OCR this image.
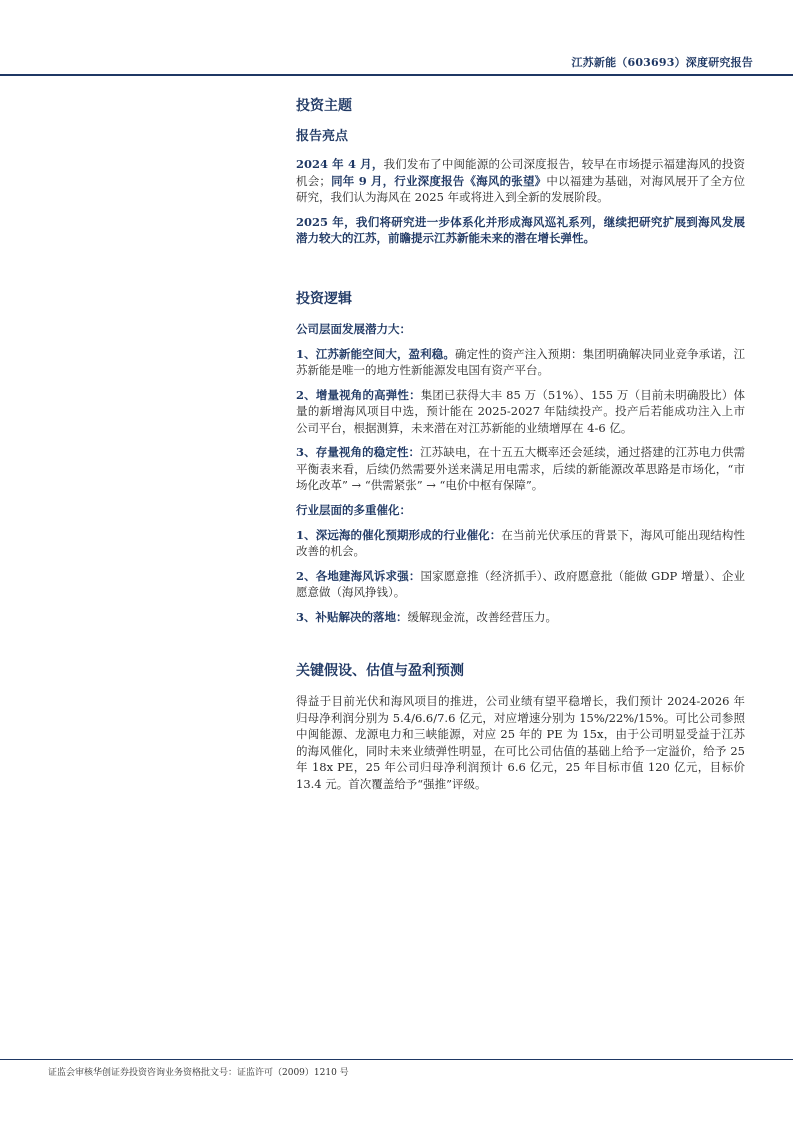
江苏新能（603693）深度研究报告
投资主题
报告亮点

2024 年 4 月，我们发布了中闽能源的公司深度报告，较早在市场提示福建海风的投资机会；同年 9 月，行业深度报告《海风的张望》中以福建为基础，对海风展开了全方位研究，我们认为海风在 2025 年或将进入到全新的发展阶段。

2025 年，我们将研究进一步体系化并形成海风巡礼系列，继续把研究扩展到海风发展潜力较大的江苏，前瞻提示江苏新能未来的潜在增长弹性。

投资逻辑
公司层面发展潜力大：

1、江苏新能空间大，盈利稳。确定性的资产注入预期：集团明确解决同业竞争承诺，江苏新能是唯一的地方性新能源发电国有资产平台。

2、增量视角的高弹性：集团已获得大丰 85 万（51%）、155 万（目前未明确股比）体量的新增海风项目中选，预计能在 2025-2027 年陆续投产。投产后若能成功注入上市公司平台，根据测算，未来潜在对江苏新能的业绩增厚在 4-6 亿。

3、存量视角的稳定性：江苏缺电，在十五五大概率还会延续，通过搭建的江苏电力供需平衡表来看，后续仍然需要外送来满足用电需求，后续的新能源改革思路是市场化，“市场化改革” → “供需紧张” → “电价中枢有保障”。

行业层面的多重催化：

1、深远海的催化预期形成的行业催化：在当前光伏承压的背景下，海风可能出现结构性改善的机会。

2、各地建海风诉求强：国家愿意推（经济抓手）、政府愿意批（能做 GDP 增量）、企业愿意做（海风挣钱）。

3、补贴解决的落地：缓解现金流，改善经营压力。

关键假设、估值与盈利预测

得益于目前光伏和海风项目的推进，公司业绩有望平稳增长，我们预计 2024-2026 年归母净利润分别为 5.4/6.6/7.6 亿元，对应增速分别为 15%/22%/15%。可比公司参照中闽能源、龙源电力和三峡能源，对应 25 年的 PE 为 15x，由于公司明显受益于江苏的海风催化，同时未来业绩弹性明显，在可比公司估值的基础上给予一定溢价，给予 25 年 18x PE，25 年公司归母净利润预计 6.6 亿元，25 年目标市值 120 亿元，目标价 13.4 元。首次覆盖给予“强推”评级。

证监会审核华创证券投资咨询业务资格批文号：证监许可（2009）1210 号
